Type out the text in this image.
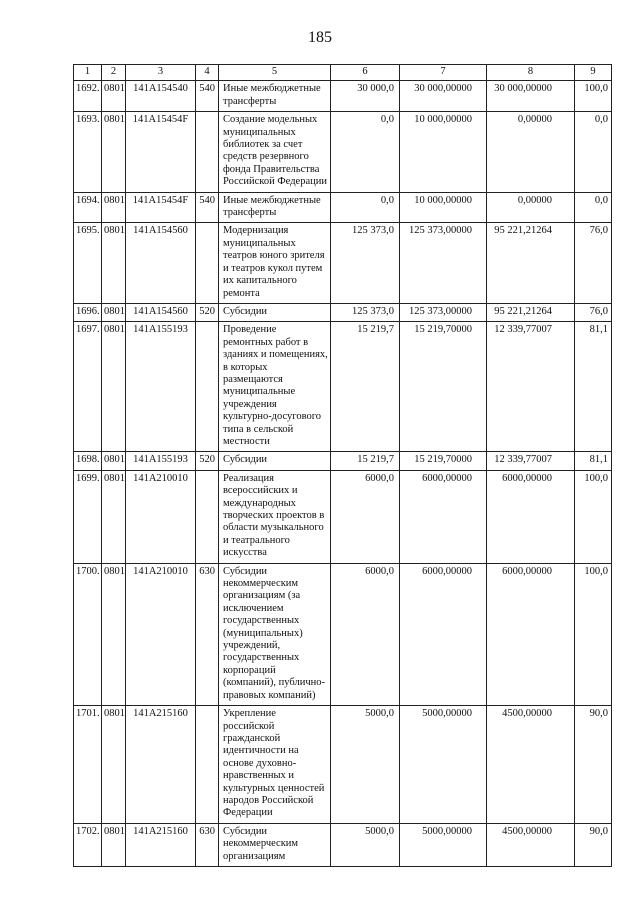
185
1	2	3	4	5	6	7	8	9
1692.	0801	141А154540	540	Иные межбюджетные трансферты	30 000,0	30 000,00000	30 000,00000	100,0
1693.	0801	141А15454F		Создание модельных муниципальных библиотек за счет средств резервного фонда Правительства Российской Федерации	0,0	10 000,00000	0,00000	0,0
1694.	0801	141А15454F	540	Иные межбюджетные трансферты	0,0	10 000,00000	0,00000	0,0
1695.	0801	141А154560		Модернизация муниципальных театров юного зрителя и театров кукол путем их капитального ремонта	125 373,0	125 373,00000	95 221,21264	76,0
1696.	0801	141А154560	520	Субсидии	125 373,0	125 373,00000	95 221,21264	76,0
1697.	0801	141А155193		Проведение ремонтных работ в зданиях и помещениях, в которых размещаются муниципальные учреждения культурно-досугового типа в сельской местности	15 219,7	15 219,70000	12 339,77007	81,1
1698.	0801	141А155193	520	Субсидии	15 219,7	15 219,70000	12 339,77007	81,1
1699.	0801	141А210010		Реализация всероссийских и международных творческих проектов в области музыкального и театрального искусства	6000,0	6000,00000	6000,00000	100,0
1700.	0801	141А210010	630	Субсидии некоммерческим организациям (за исключением государственных (муниципальных) учреждений, государственных корпораций (компаний), публично-правовых компаний)	6000,0	6000,00000	6000,00000	100,0
1701.	0801	141А215160		Укрепление российской гражданской идентичности на основе духовно-нравственных и культурных ценностей народов Российской Федерации	5000,0	5000,00000	4500,00000	90,0
1702.	0801	141А215160	630	Субсидии некоммерческим организациям	5000,0	5000,00000	4500,00000	90,0
